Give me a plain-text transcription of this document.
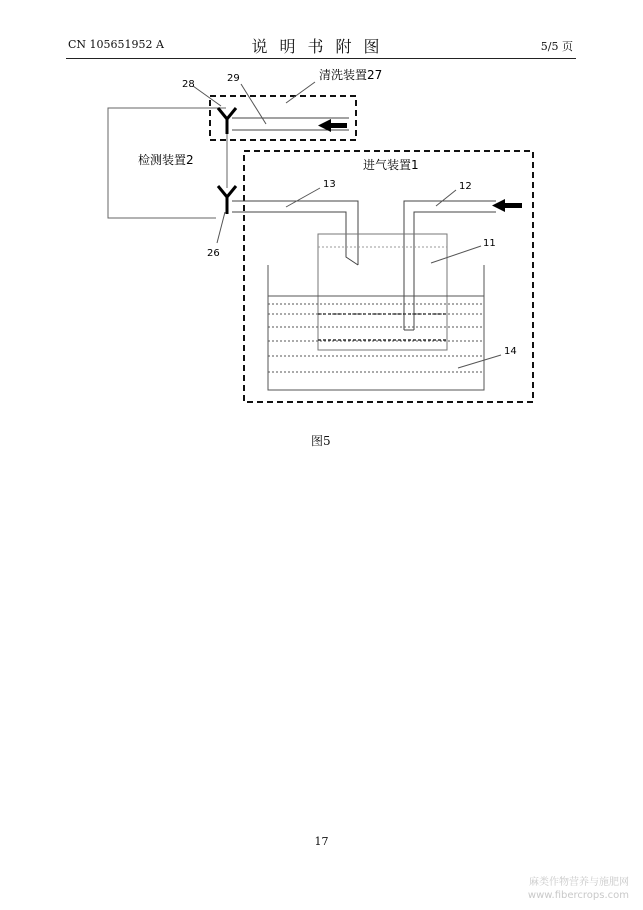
CN 105651952 A	说明书附图	5/5 页
清洗装置27
检测装置2	进气装置1
28
29
26
13	12
11
14
图5
17
麻类作物营养与施肥网
www.fibercrops.com
